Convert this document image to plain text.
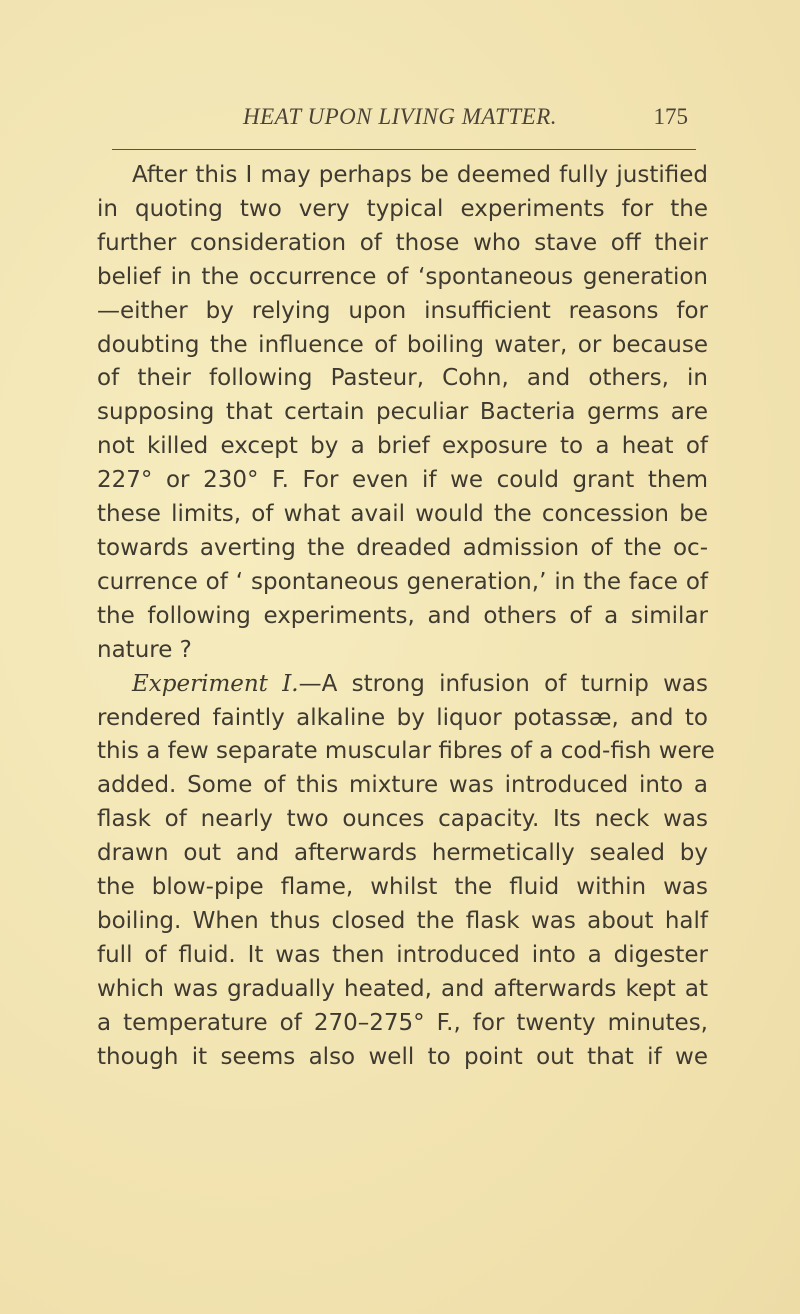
HEAT UPON LIVING MATTER.	175
After this I may perhaps be deemed fully justified
in quoting two very typical experiments for the
further consideration of those who stave off their
belief in the occurrence of ‘spontaneous generation
—either by relying upon insufficient reasons for
doubting the influence of boiling water, or because
of their following Pasteur, Cohn, and others, in
supposing that certain peculiar Bacteria germs are
not killed except by a brief exposure to a heat of
227° or 230° F. For even if we could grant them
these limits, of what avail would the concession be
towards averting the dreaded admission of the oc-
currence of ‘ spontaneous generation,’ in the face of
the following experiments, and others of a similar
nature ?
Experiment I.—A strong infusion of turnip was
rendered faintly alkaline by liquor potassæ, and to
this a few separate muscular fibres of a cod-fish were
added. Some of this mixture was introduced into a
flask of nearly two ounces capacity. Its neck was
drawn out and afterwards hermetically sealed by
the blow-pipe flame, whilst the fluid within was
boiling. When thus closed the flask was about half
full of fluid. It was then introduced into a digester
which was gradually heated, and afterwards kept at
a temperature of 270–275° F., for twenty minutes,
though it seems also well to point out that if we
